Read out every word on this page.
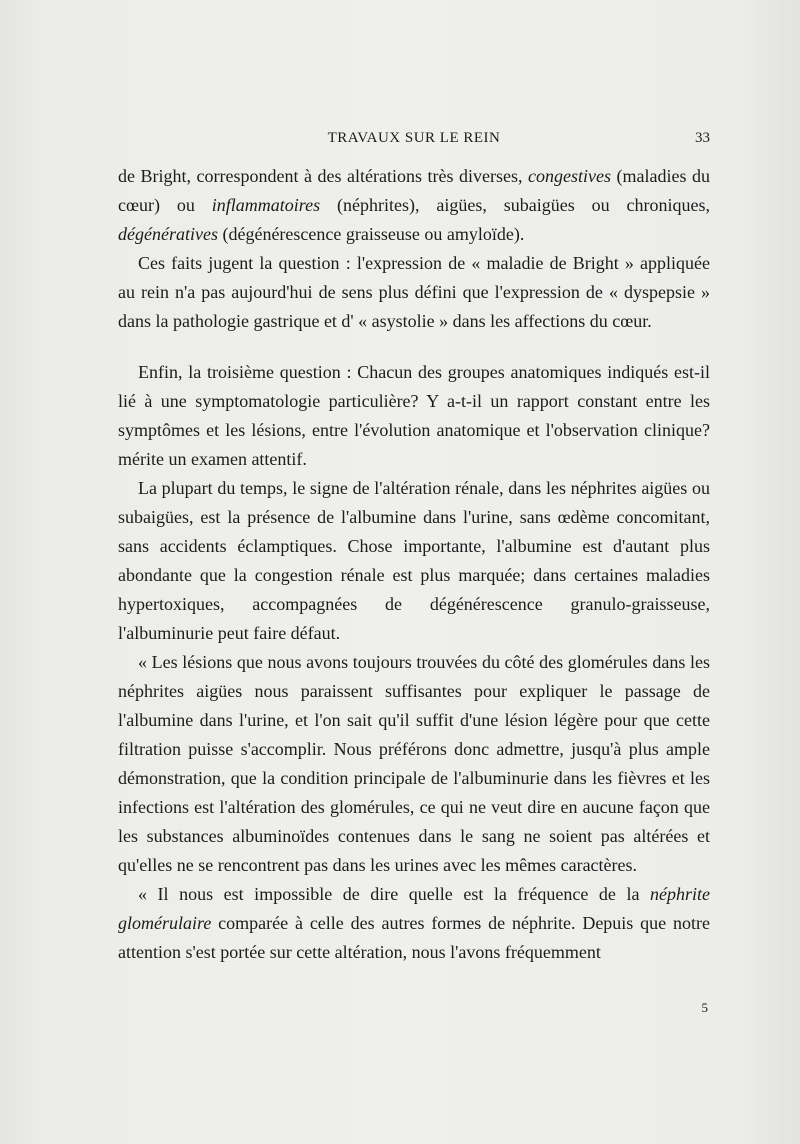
TRAVAUX SUR LE REIN	33

de Bright, correspondent à des altérations très diverses, congestives (maladies du cœur) ou inflammatoires (néphrites), aigües, subaigües ou chroniques, dégénératives (dégénérescence graisseuse ou amyloïde).

Ces faits jugent la question : l'expression de « maladie de Bright » appliquée au rein n'a pas aujourd'hui de sens plus défini que l'expression de « dyspepsie » dans la pathologie gastrique et d' « asystolie » dans les affections du cœur.

Enfin, la troisième question : Chacun des groupes anatomiques indiqués est-il lié à une symptomatologie particulière? Y a-t-il un rapport constant entre les symptômes et les lésions, entre l'évolution anatomique et l'observation clinique? mérite un examen attentif.

La plupart du temps, le signe de l'altération rénale, dans les néphrites aigües ou subaigües, est la présence de l'albumine dans l'urine, sans œdème concomitant, sans accidents éclamptiques. Chose importante, l'albumine est d'autant plus abondante que la congestion rénale est plus marquée; dans certaines maladies hypertoxiques, accompagnées de dégénérescence granulo-graisseuse, l'albuminurie peut faire défaut.

« Les lésions que nous avons toujours trouvées du côté des glomérules dans les néphrites aigües nous paraissent suffisantes pour expliquer le passage de l'albumine dans l'urine, et l'on sait qu'il suffit d'une lésion légère pour que cette filtration puisse s'accomplir. Nous préférons donc admettre, jusqu'à plus ample démonstration, que la condition principale de l'albuminurie dans les fièvres et les infections est l'altération des glomérules, ce qui ne veut dire en aucune façon que les substances albuminoïdes contenues dans le sang ne soient pas altérées et qu'elles ne se rencontrent pas dans les urines avec les mêmes caractères.

« Il nous est impossible de dire quelle est la fréquence de la néphrite glomérulaire comparée à celle des autres formes de néphrite. Depuis que notre attention s'est portée sur cette altération, nous l'avons fréquemment

5
